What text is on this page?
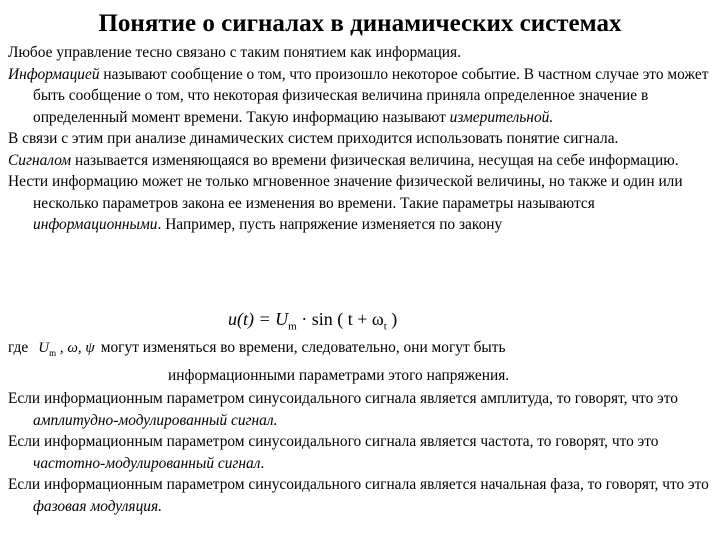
Понятие о сигналах в динамических системах

Любое управление тесно связано с таким понятием как информация.

Информацией называют сообщение о том, что произошло некоторое событие. В частном случае это может быть сообщение о том, что некоторая физическая величина приняла определенное значение в определенный момент времени. Такую информацию называют измерительной.

В связи с этим при анализе динамических систем приходится использовать понятие сигнала.

Сигналом называется изменяющаяся во времени физическая величина, несущая на себе информацию.

Нести информацию может не только мгновенное значение физической величины, но также и один или несколько параметров закона ее изменения во времени. Такие параметры называются информационными. Например, пусть напряжение изменяется по закону

$u(t) = U_m \cdot \sin$ ( $t + \omega_t$ )
где $U_m$ , ω, ψ могут изменяться во времени, следовательно, они могут быть
информационными параметрами этого напряжения.

Если информационным параметром синусоидального сигнала является амплитуда, то говорят, что это амплитудно-модулированный сигнал.

Если информационным параметром синусоидального сигнала является частота, то говорят, что это частотно-модулированный сигнал.

Если информационным параметром синусоидального сигнала является начальная фаза, то говорят, что это фазовая модуляция.
